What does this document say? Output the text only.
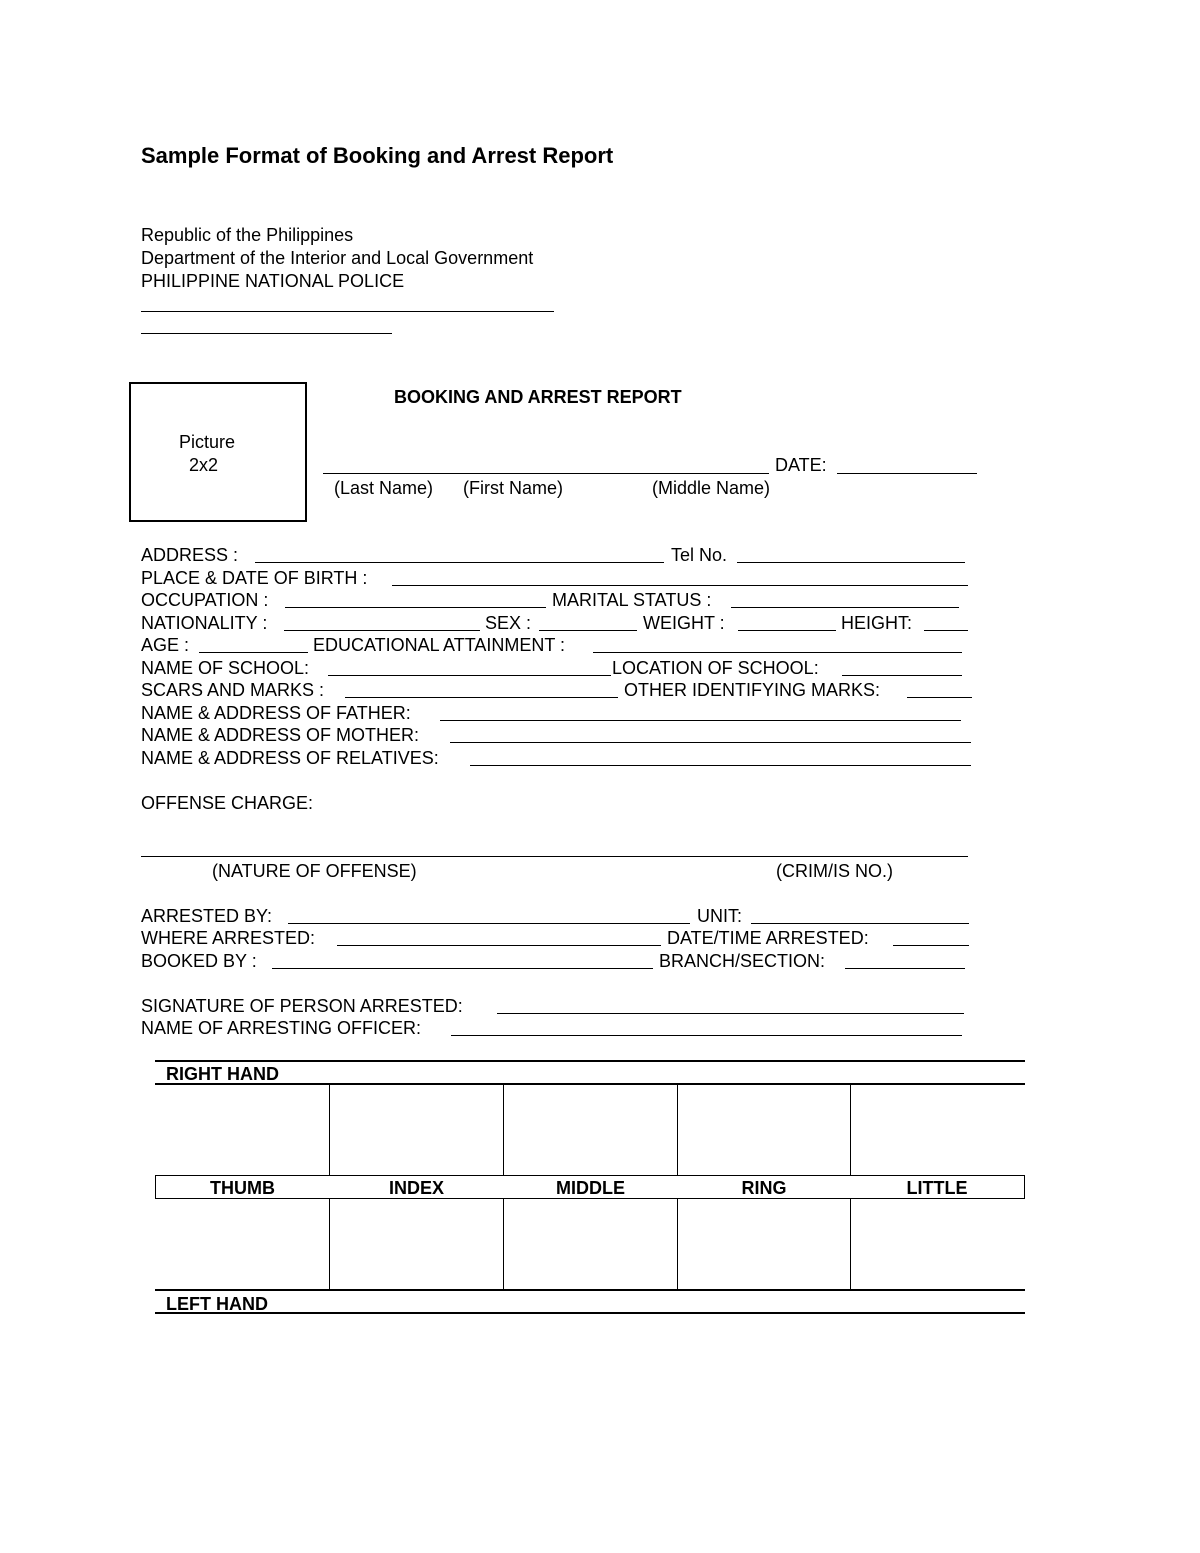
Sample Format of Booking and Arrest Report
Republic of the Philippines
Department of the Interior and Local Government
PHILIPPINE NATIONAL POLICE
Picture
2x2
BOOKING AND ARREST REPORT
DATE:
(Last Name) (First Name)	(Middle Name)
ADDRESS :	Tel No.
PLACE & DATE OF BIRTH :
OCCUPATION :	MARITAL STATUS :
NATIONALITY :	SEX :	WEIGHT :	HEIGHT:
AGE :	EDUCATIONAL ATTAINMENT :
NAME OF SCHOOL:	LOCATION OF SCHOOL:
SCARS AND MARKS :	OTHER IDENTIFYING MARKS:
NAME & ADDRESS OF FATHER:
NAME & ADDRESS OF MOTHER:
NAME & ADDRESS OF RELATIVES:
OFFENSE CHARGE:
(NATURE OF OFFENSE)	(CRIM/IS NO.)
ARRESTED BY:	UNIT:
WHERE ARRESTED:	DATE/TIME ARRESTED:
BOOKED BY :	BRANCH/SECTION:
SIGNATURE OF PERSON ARRESTED:
NAME OF ARRESTING OFFICER:
RIGHT HAND
THUMB	INDEX	MIDDLE	RING	LITTLE
LEFT HAND
